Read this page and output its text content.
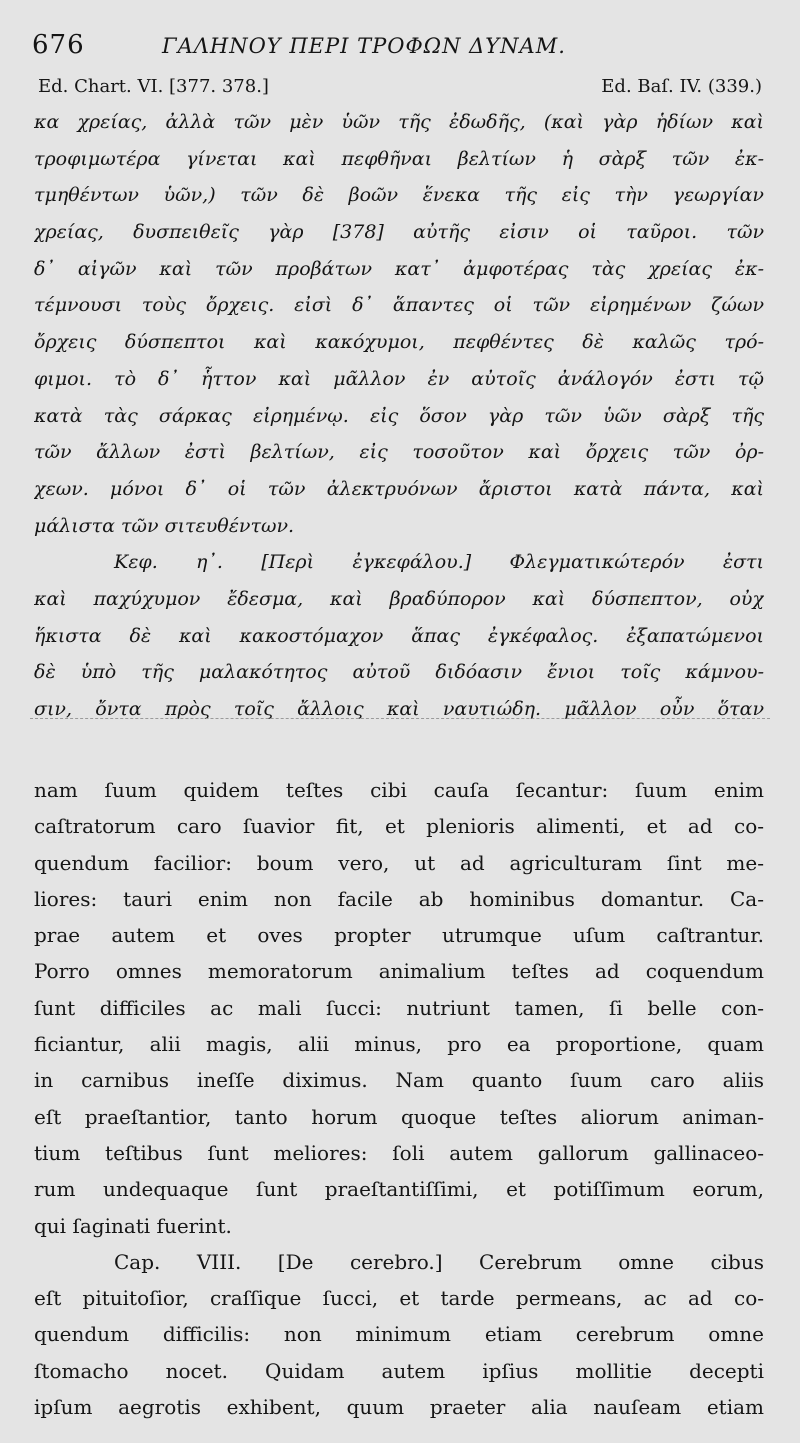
676	ΓΑΛΗΝΟΥ ΠΕΡΙ ΤΡΟΦΩΝ ΔΥΝΑΜ.
Ed. Chart. VI. [377. 378.]	Ed. Baſ. IV. (339.)
κα χρείας, ἀλλὰ τῶν μὲν ὑῶν τῆς ἐδωδῆς, (καὶ γὰρ ἡδίων καὶ
τροφιμωτέρα γίνεται καὶ πεφθῆναι βελτίων ἡ σὰρξ τῶν ἐκ-
τμηθέντων ὑῶν,) τῶν δὲ βοῶν ἕνεκα τῆς εἰς τὴν γεωργίαν
χρείας, δυσπειθεῖς γὰρ [378] αὐτῆς εἰσιν οἱ ταῦροι. τῶν
δ᾽ αἰγῶν καὶ τῶν προβάτων κατ᾽ ἀμφοτέρας τὰς χρείας ἐκ-
τέμνουσι τοὺς ὄρχεις. εἰσὶ δ᾽ ἅπαντες οἱ τῶν εἰρημένων ζώων
ὄρχεις δύσπεπτοι καὶ κακόχυμοι, πεφθέντες δὲ καλῶς τρό-
φιμοι. τὸ δ᾽ ἧττον καὶ μᾶλλον ἐν αὐτοῖς ἀνάλογόν ἐστι τῷ
κατὰ τὰς σάρκας εἰρημένῳ. εἰς ὅσον γὰρ τῶν ὑῶν σὰρξ τῆς
τῶν ἄλλων ἐστὶ βελτίων, εἰς τοσοῦτον καὶ ὄρχεις τῶν ὀρ-
χεων. μόνοι δ᾽ οἱ τῶν ἀλεκτρυόνων ἄριστοι κατὰ πάντα, καὶ
μάλιστα τῶν σιτευθέντων.
Κεφ. η᾽. [Περὶ ἐγκεφάλου.] Φλεγματικώτερόν ἐστι
καὶ παχύχυμον ἔδεσμα, καὶ βραδύπορον καὶ δύσπεπτον, οὐχ
ἥκιστα δὲ καὶ κακοστόμαχον ἅπας ἐγκέφαλος. ἐξαπατώμενοι
δὲ ὑπὸ τῆς μαλακότητος αὐτοῦ διδόασιν ἔνιοι τοῖς κάμνου-
σιν, ὄντα πρὸς τοῖς ἄλλοις καὶ ναυτιώδη. μᾶλλον οὖν ὅταν
nam ſuum quidem teſtes cibi cauſa ſecantur: ſuum enim
caſtratorum caro ſuavior fit, et plenioris alimenti, et ad co-
quendum facilior: boum vero, ut ad agriculturam ſint me-
liores: tauri enim non facile ab hominibus domantur. Ca-
prae autem et oves propter utrumque uſum caſtrantur.
Porro omnes memoratorum animalium teſtes ad coquendum
ſunt difficiles ac mali ſucci: nutriunt tamen, ſi belle con-
ficiantur, alii magis, alii minus, pro ea proportione, quam
in carnibus ineſſe diximus. Nam quanto ſuum caro aliis
eſt praeſtantior, tanto horum quoque teſtes aliorum animan-
tium teſtibus ſunt meliores: ſoli autem gallorum gallinaceo-
rum undequaque ſunt praeſtantiſſimi, et potiſſimum eorum,
qui ſaginati fuerint.
Cap. VIII. [De cerebro.] Cerebrum omne cibus
eſt pituitoſior, craſſique ſucci, et tarde permeans, ac ad co-
quendum difficilis: non minimum etiam cerebrum omne
ſtomacho nocet. Quidam autem ipſius mollitie decepti
ipſum aegrotis exhibent, quum praeter alia nauſeam etiam
